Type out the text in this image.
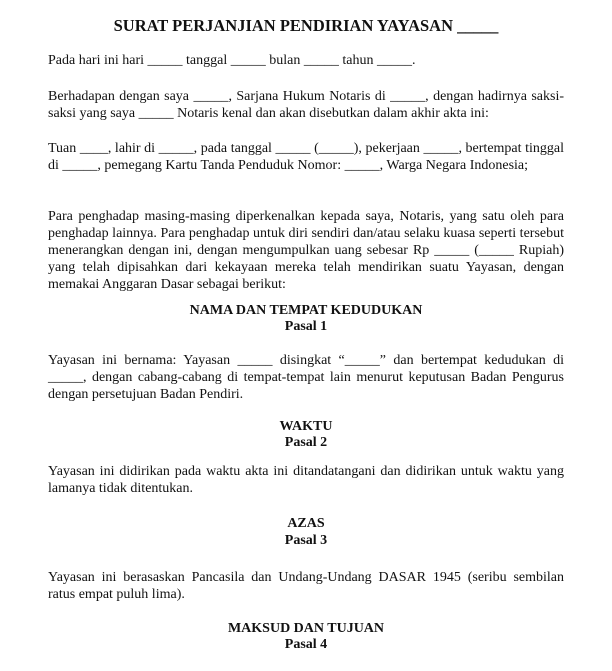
SURAT PERJANJIAN PENDIRIAN YAYASAN _____
Pada hari ini hari _____ tanggal _____ bulan _____ tahun _____.
Berhadapan dengan saya _____, Sarjana Hukum Notaris di _____, dengan hadirnya saksi-saksi yang saya _____ Notaris kenal dan akan disebutkan dalam akhir akta ini:
Tuan ____, lahir di _____, pada tanggal _____ (_____), pekerjaan _____, bertempat tinggal di _____, pemegang Kartu Tanda Penduduk Nomor: _____, Warga Negara Indonesia;
Para penghadap masing-masing diperkenalkan kepada saya, Notaris, yang satu oleh para penghadap lainnya. Para penghadap untuk diri sendiri dan/atau selaku kuasa seperti tersebut menerangkan dengan ini, dengan mengumpulkan uang sebesar Rp _____ (_____ Rupiah) yang telah dipisahkan dari kekayaan mereka telah mendirikan suatu Yayasan, dengan memakai Anggaran Dasar sebagai berikut:
NAMA DAN TEMPAT KEDUDUKAN
Pasal 1
Yayasan ini bernama: Yayasan _____ disingkat “_____” dan bertempat kedudukan di _____, dengan cabang-cabang di tempat-tempat lain menurut keputusan Badan Pengurus dengan persetujuan Badan Pendiri.
WAKTU
Pasal 2
Yayasan ini didirikan pada waktu akta ini ditandatangani dan didirikan untuk waktu yang lamanya tidak ditentukan.
AZAS
Pasal 3
Yayasan ini berasaskan Pancasila dan Undang-Undang DASAR 1945 (seribu sembilan ratus empat puluh lima).
MAKSUD DAN TUJUAN
Pasal 4
